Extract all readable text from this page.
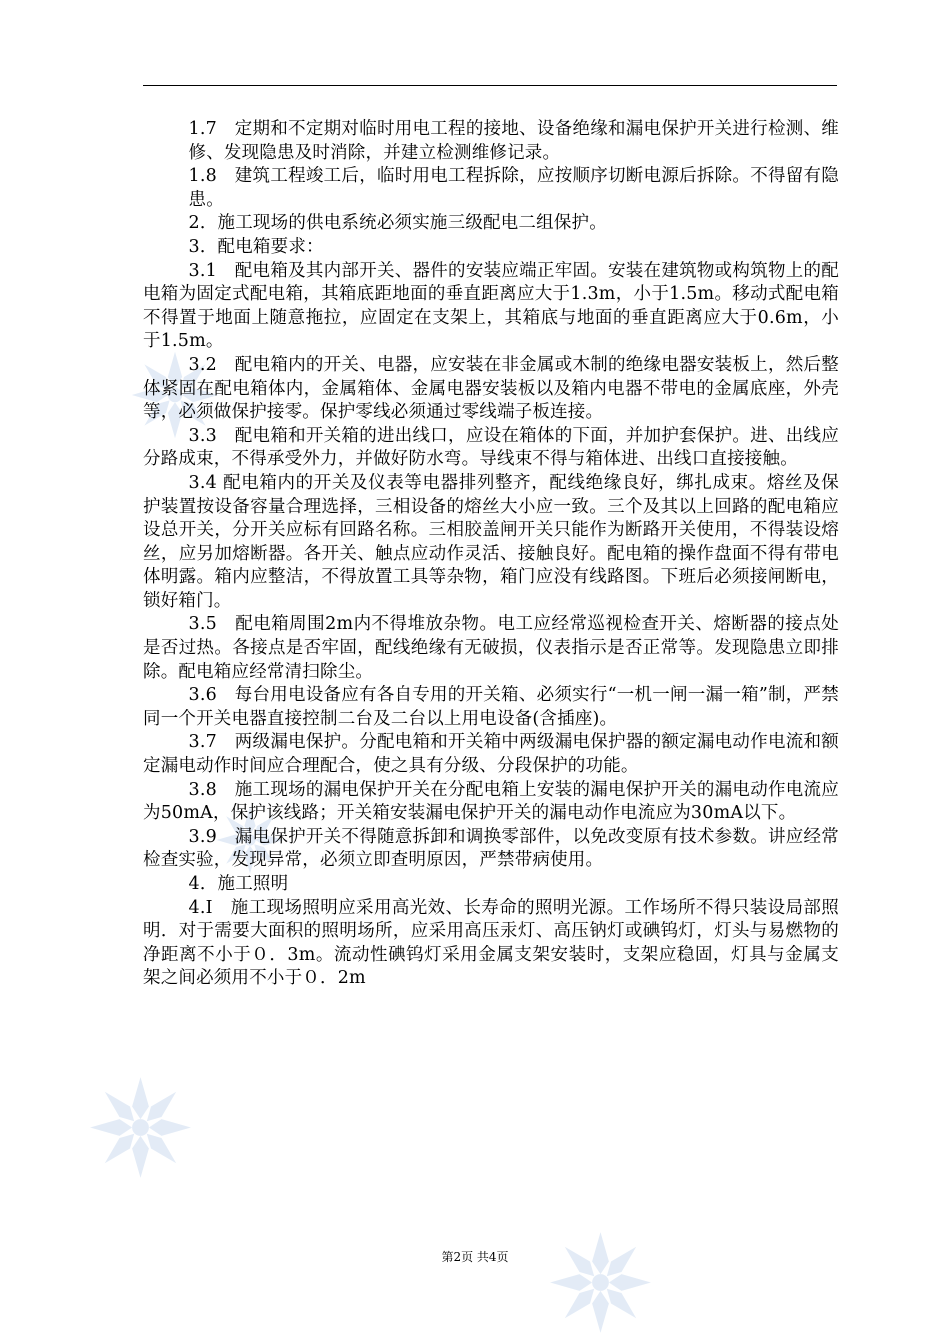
1.7　定期和不定期对临时用电工程的接地、设备绝缘和漏电保护开关进行检测、维修、发现隐患及时消除，并建立检测维修记录。

1.8　建筑工程竣工后，临时用电工程拆除，应按顺序切断电源后拆除。不得留有隐患。

2．施工现场的供电系统必须实施三级配电二组保护。

3．配电箱要求：

3.1　配电箱及其内部开关、器件的安装应端正牢固。安装在建筑物或构筑物上的配电箱为固定式配电箱，其箱底距地面的垂直距离应大于1.3m，小于1.5m。移动式配电箱不得置于地面上随意拖拉，应固定在支架上，其箱底与地面的垂直距离应大于0.6m，小于1.5m。

3.2　配电箱内的开关、电器，应安装在非金属或木制的绝缘电器安装板上，然后整体紧固在配电箱体内，金属箱体、金属电器安装板以及箱内电器不带电的金属底座，外壳等，必须做保护接零。保护零线必须通过零线端子板连接。

3.3　配电箱和开关箱的进出线口，应设在箱体的下面，并加护套保护。进、出线应分路成束，不得承受外力，并做好防水弯。导线束不得与箱体进、出线口直接接触。

3.4 配电箱内的开关及仪表等电器排列整齐，配线绝缘良好，绑扎成束。熔丝及保护装置按设备容量合理选择，三相设备的熔丝大小应一致。三个及其以上回路的配电箱应设总开关，分开关应标有回路名称。三相胶盖闸开关只能作为断路开关使用，不得装设熔丝，应另加熔断器。各开关、触点应动作灵活、接触良好。配电箱的操作盘面不得有带电体明露。箱内应整洁，不得放置工具等杂物，箱门应没有线路图。下班后必须接闸断电，锁好箱门。

3.5　配电箱周围2m内不得堆放杂物。电工应经常巡视检查开关、熔断器的接点处是否过热。各接点是否牢固，配线绝缘有无破损，仪表指示是否正常等。发现隐患立即排除。配电箱应经常清扫除尘。

3.6　每台用电设备应有各自专用的开关箱、必须实行“一机一闸一漏一箱”制，严禁同一个开关电器直接控制二台及二台以上用电设备(含插座)。

3.7　两级漏电保护。分配电箱和开关箱中两级漏电保护器的额定漏电动作电流和额定漏电动作时间应合理配合，使之具有分级、分段保护的功能。

3.8　施工现场的漏电保护开关在分配电箱上安装的漏电保护开关的漏电动作电流应 为50mA，保护该线路；开关箱安装漏电保护开关的漏电动作电流应为30mA以下。

3.9　漏电保护开关不得随意拆卸和调换零部件，以免改变原有技术参数。讲应经常检查实验，发现异常，必须立即查明原因，严禁带病使用。

4．施工照明

4.I　施工现场照明应采用高光效、长寿命的照明光源。工作场所不得只装设局部照明．对于需要大面积的照明场所，应采用高压汞灯、高压钠灯或碘钨灯，灯头与易燃物的净距离不小于０．3m。流动性碘钨灯采用金属支架安装时，支架应稳固，灯具与金属支架之间必须用不小于０．2m

第2页 共4页
